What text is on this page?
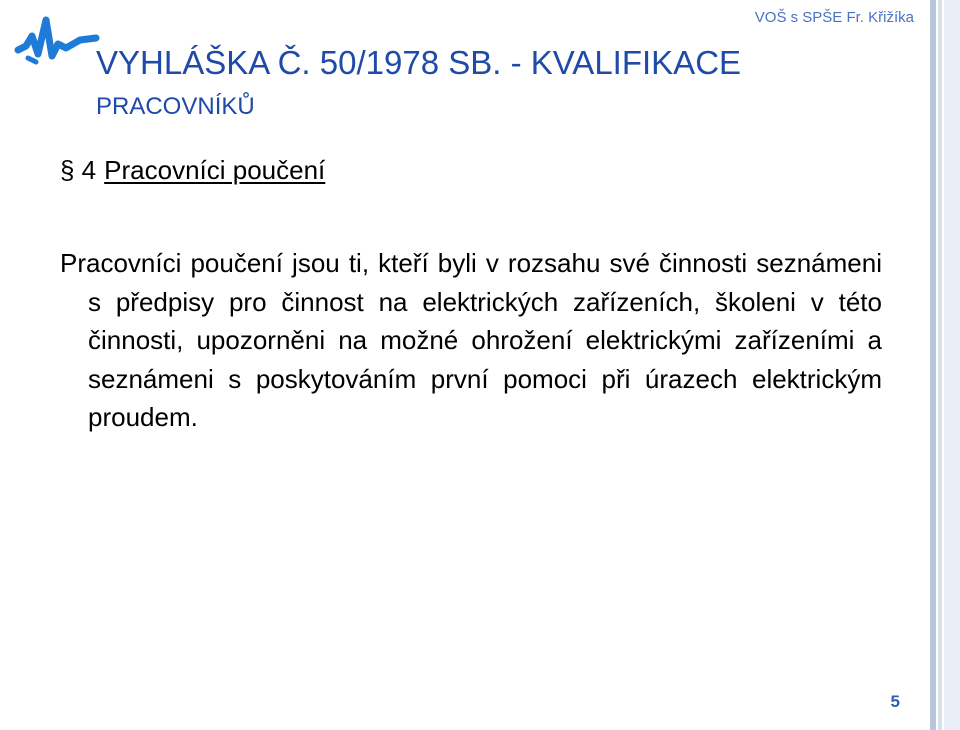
VOŠ s SPŠE Fr. Křižíka
VYHLÁŠKA Č. 50/1978 SB. - KVALIFIKACE
PRACOVNÍKŮ
§ 4 Pracovníci poučení
Pracovníci poučení jsou ti, kteří byli v rozsahu své činnosti seznámeni s předpisy pro činnost na elektrických zařízeních, školeni v této činnosti, upozorněni na možné ohrožení elektrickými zařízeními a seznámeni s poskytováním první pomoci při úrazech elektrickým proudem.
5
